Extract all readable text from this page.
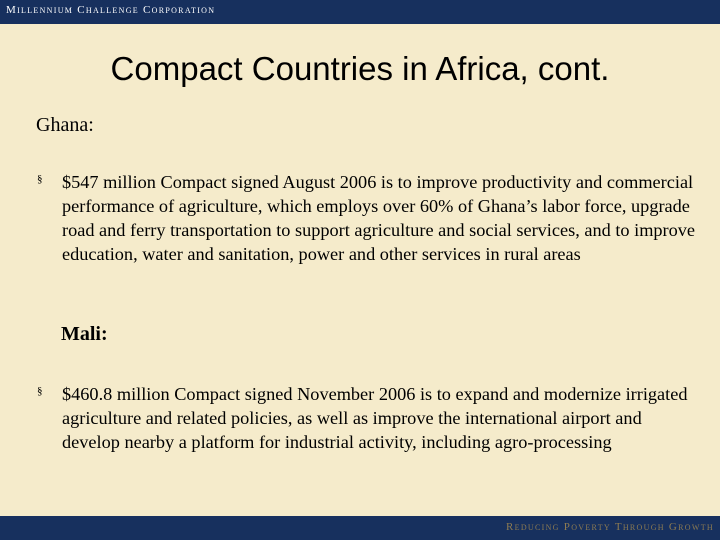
Millennium Challenge Corporation
Compact Countries in Africa, cont.
Ghana:
§ $547 million Compact signed August 2006 is to improve productivity and commercial performance of agriculture, which employs over 60% of Ghana’s labor force, upgrade road and ferry transportation to support agriculture and social services, and to improve education, water and sanitation, power and other services in rural areas
Mali:
§ $460.8 million Compact signed November 2006 is to expand and modernize irrigated agriculture and related policies, as well as improve the international airport and develop nearby a platform for industrial activity, including agro-processing
Reducing Poverty Through Growth
